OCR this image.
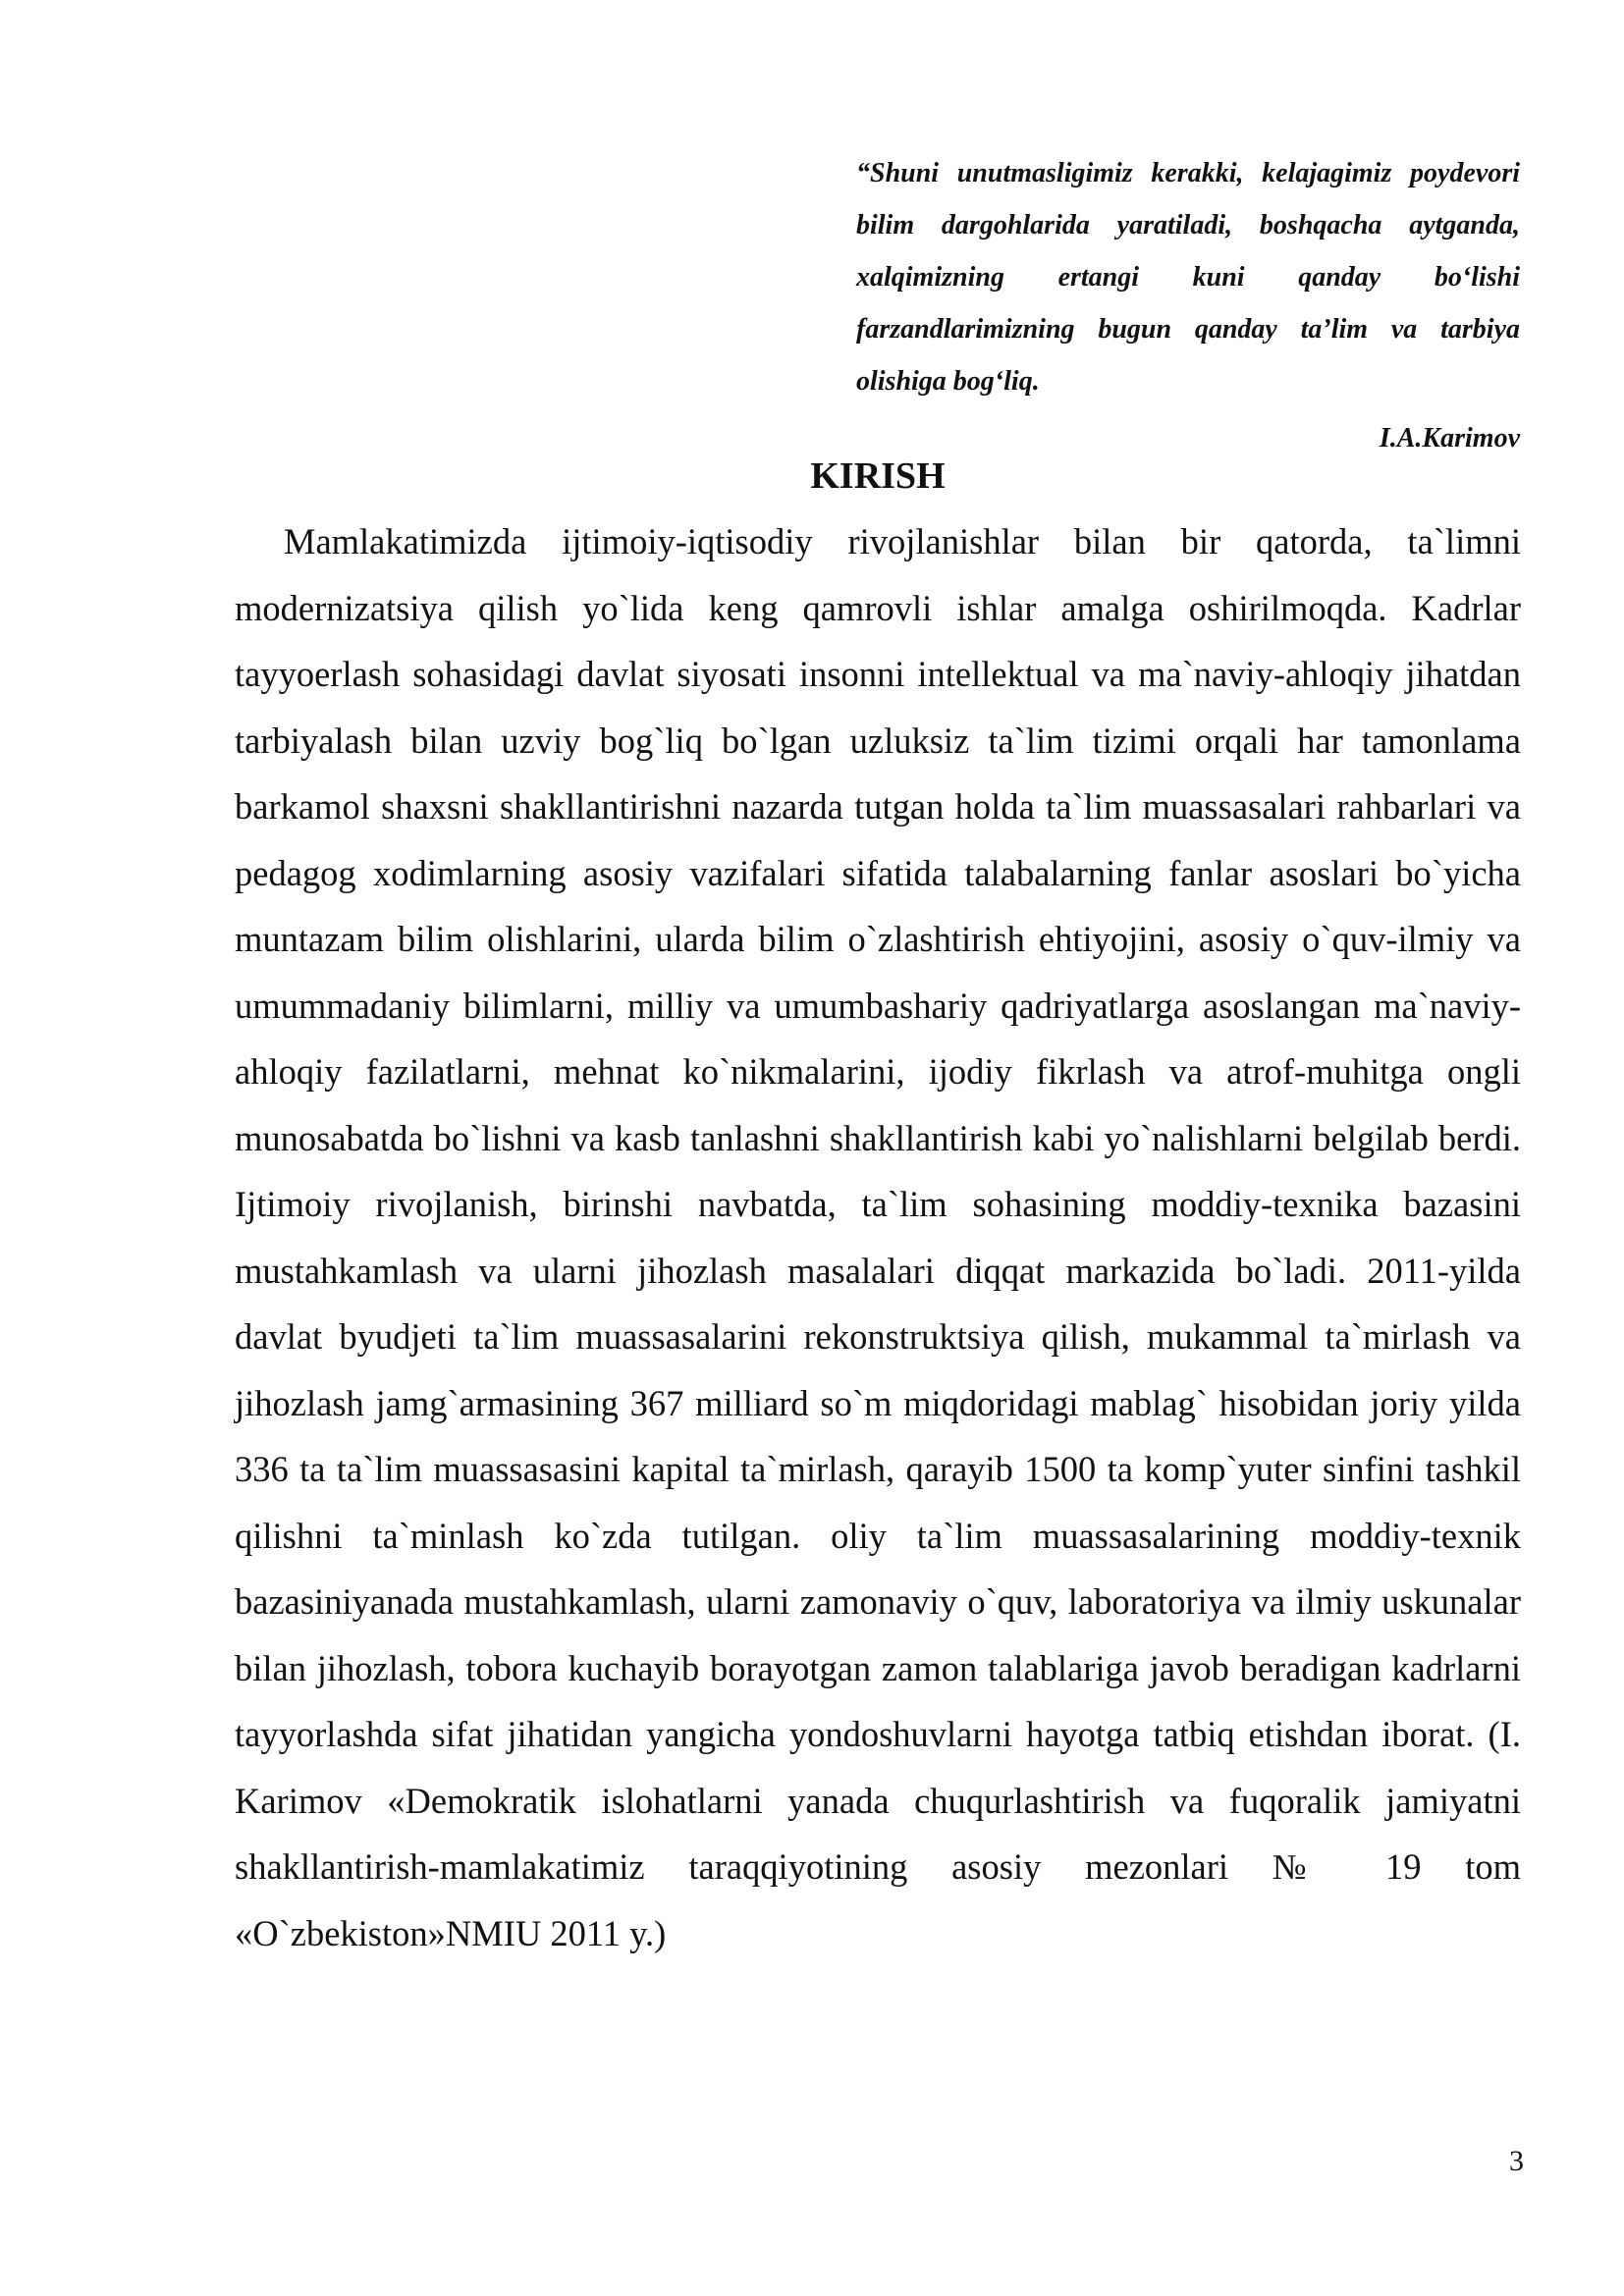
“Shuni unutmasligimiz kerakki, kelajagimiz poydevori bilim dargohlarida yaratiladi, boshqacha aytganda, xalqimizning ertangi kuni qanday bo‘lishi farzandlarimizning bugun qanday ta’lim va tarbiya olishiga bog‘liq.
I.A.Karimov
KIRISH

Mamlakatimizda ijtimoiy-iqtisodiy rivojlanishlar bilan bir qatorda, ta`limni modernizatsiya qilish yo`lida keng qamrovli ishlar amalga oshirilmoqda. Kadrlar tayyoerlash sohasidagi davlat siyosati insonni intellektual va ma`naviy-ahloqiy jihatdan tarbiyalash bilan uzviy bog`liq bo`lgan uzluksiz ta`lim tizimi orqali har tamonlama barkamol shaxsni shakllantirishni nazarda tutgan holda ta`lim muassasalari rahbarlari va pedagog xodimlarning asosiy vazifalari sifatida talabalarning fanlar asoslari bo`yicha muntazam bilim olishlarini, ularda bilim o`zlashtirish ehtiyojini, asosiy o`quv-ilmiy va umummadaniy bilimlarni, milliy va umumbashariy qadriyatlarga asoslangan ma`naviy-ahloqiy fazilatlarni, mehnat ko`nikmalarini, ijodiy fikrlash va atrof-muhitga ongli munosabatda bo`lishni va kasb tanlashni shakllantirish kabi yo`nalishlarni belgilab berdi. Ijtimoiy rivojlanish, birinshi navbatda, ta`lim sohasining moddiy-texnika bazasini mustahkamlash va ularni jihozlash masalalari diqqat markazida bo`ladi. 2011-yilda davlat byudjeti ta`lim muassasalarini rekonstruktsiya qilish, mukammal ta`mirlash va jihozlash jamg`armasining 367 milliard so`m miqdoridagi mablag` hisobidan joriy yilda 336 ta ta`lim muassasasini kapital ta`mirlash, qarayib 1500 ta komp`yuter sinfini tashkil qilishni ta`minlash ko`zda tutilgan. oliy ta`lim muassasalarining moddiy-texnik bazasiniyanada mustahkamlash, ularni zamonaviy o`quv, laboratoriya va ilmiy uskunalar bilan jihozlash, tobora kuchayib borayotgan zamon talablariga javob beradigan kadrlarni tayyorlashda sifat jihatidan yangicha yondoshuvlarni hayotga tatbiq etishdan iborat. (I. Karimov «Demokratik islohatlarni yanada chuqurlashtirish va fuqoralik jamiyatni shakllantirish-mamlakatimiz taraqqiyotining asosiy mezonlari № 19 tom «O`zbekiston»NMIU 2011 y.)

3
